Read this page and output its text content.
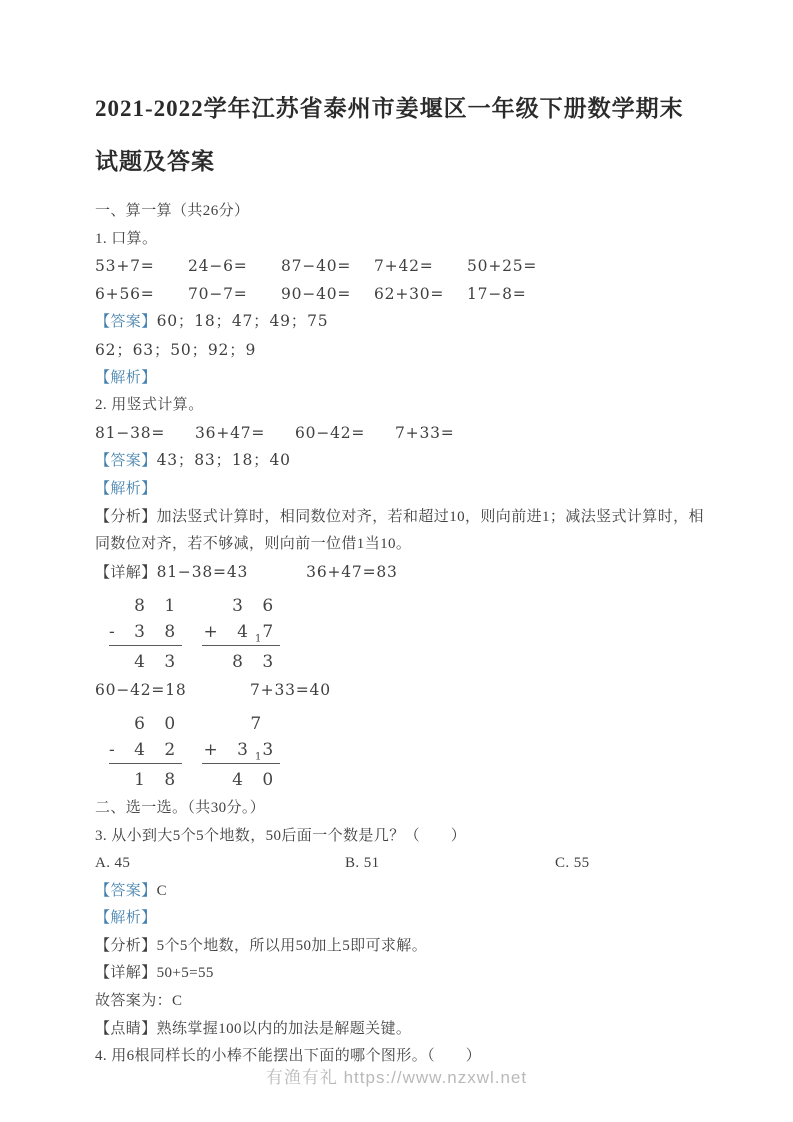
2021-2022学年江苏省泰州市姜堰区一年级下册数学期末试题及答案

一、算一算（共26分）

1. 口算。

53+7= 24−6= 87−40= 7+42= 50+25=

6+56= 70−7= 90−40= 62+30= 17−8=

【答案】60；18；47；49；75

62；63；50；92；9

【解析】

2. 用竖式计算。

81−38= 36+47= 60−42= 7+33=

【答案】43；83；18；40

【解析】

【分析】加法竖式计算时，相同数位对齐，若和超过10，则向前进1；减法竖式计算时，相同数位对齐，若不够减，则向前一位借1当10。

【详解】81−38=43	36+47=83

8 1
- 3 8
4 3
3 6
+ $4_17$
8 3

60−42=18	7+33=40

6 0
- 4 2
1 8
7
+ $3_13$
4 0

二、选一选。（共30分。）

3. 从小到大5个5个地数，50后面一个数是几？（　　）

A. 45	B. 51	C. 55

【答案】C

【解析】

【分析】5个5个地数，所以用50加上5即可求解。

【详解】50+5=55

故答案为：C

【点睛】熟练掌握100以内的加法是解题关键。

4. 用6根同样长的小棒不能摆出下面的哪个图形。（　　）

有渔有礼 https://www.nzxwl.net
